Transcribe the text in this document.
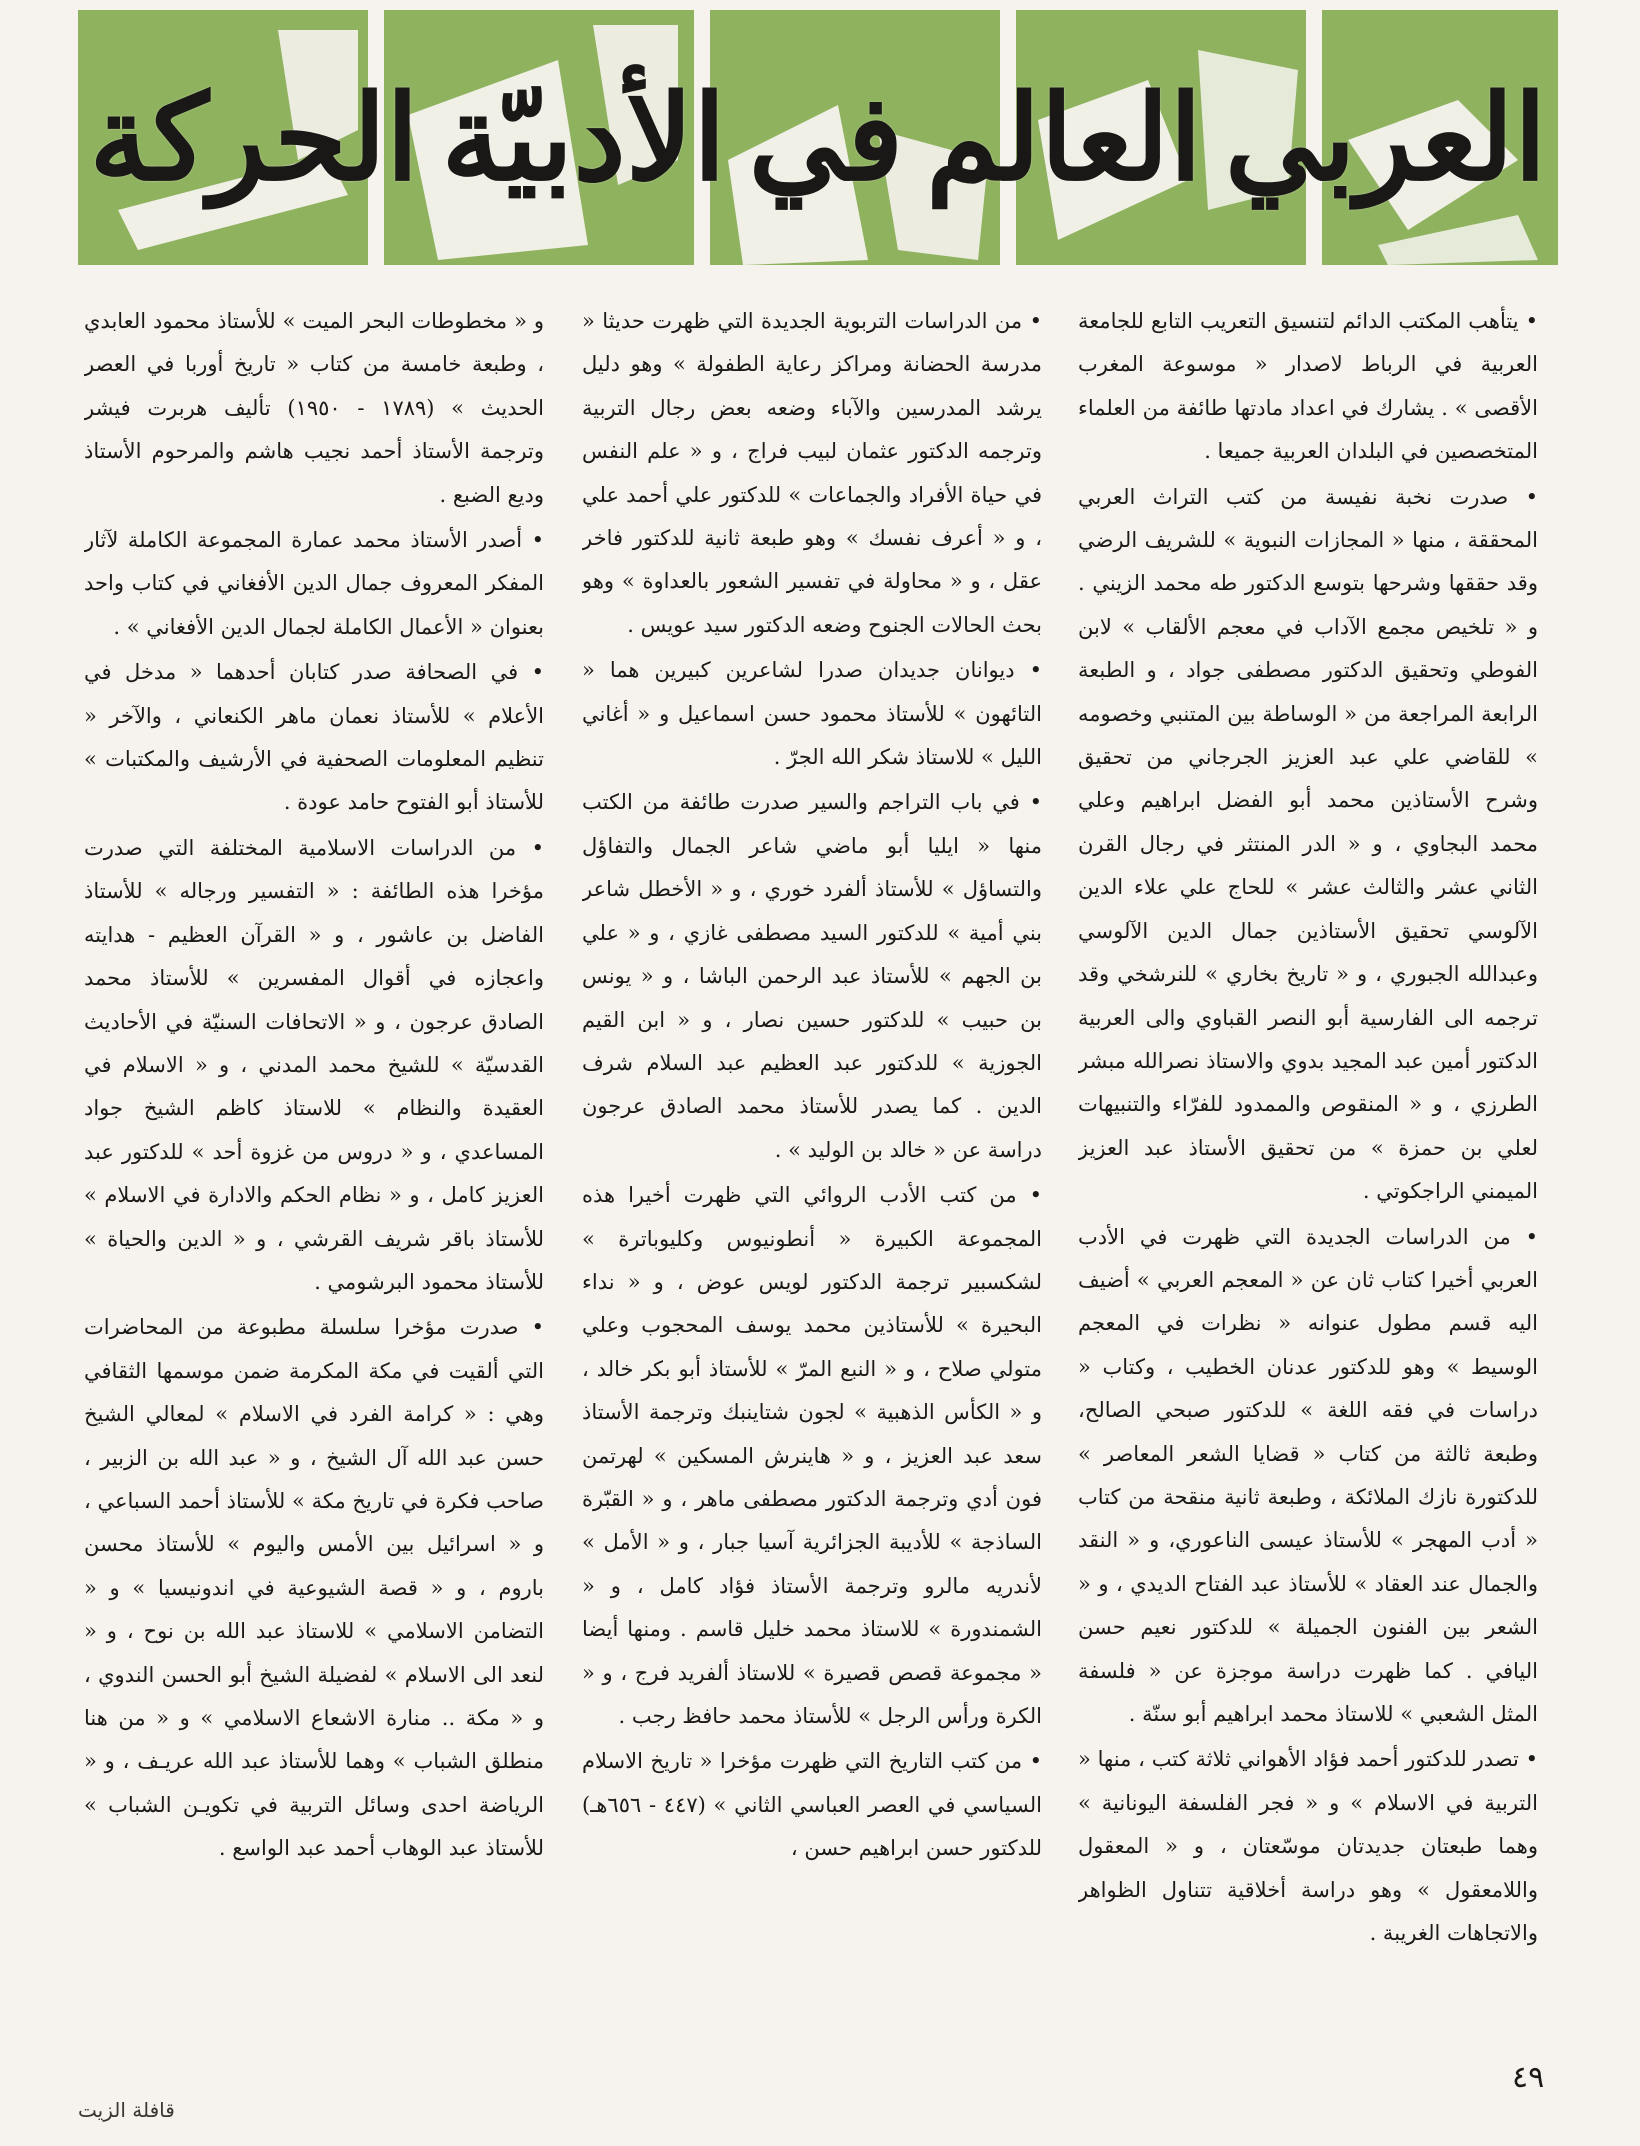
الحركة الأدبيّة في العالم العربي

• يتأهب المكتب الدائم لتنسيق التعريب التابع للجامعة العربية في الرباط لاصدار « موسوعة المغرب الأقصى » . يشارك في اعداد مادتها طائفة من العلماء المتخصصين في البلدان العربية جميعا .

• صدرت نخبة نفيسة من كتب التراث العربي المحققة ، منها « المجازات النبوية » للشريف الرضي وقد حققها وشرحها بتوسع الدكتور طه محمد الزيني . و « تلخيص مجمع الآداب في معجم الألقاب » لابن الفوطي وتحقيق الدكتور مصطفى جواد ، و الطبعة الرابعة المراجعة من « الوساطة بين المتنبي وخصومه » للقاضي علي عبد العزيز الجرجاني من تحقيق وشرح الأستاذين محمد أبو الفضل ابراهيم وعلي محمد البجاوي ، و « الدر المنتثر في رجال القرن الثاني عشر والثالث عشر » للحاج علي علاء الدين الآلوسي تحقيق الأستاذين جمال الدين الآلوسي وعبدالله الجبوري ، و « تاريخ بخاري » للنرشخي وقد ترجمه الى الفارسية أبو النصر القباوي والى العربية الدكتور أمين عبد المجيد بدوي والاستاذ نصرالله مبشر الطرزي ، و « المنقوص والممدود للفرّاء والتنبيهات لعلي بن حمزة » من تحقيق الأستاذ عبد العزيز الميمني الراجكوتي .

• من الدراسات الجديدة التي ظهرت في الأدب العربي أخيرا كتاب ثان عن « المعجم العربي » أضيف اليه قسم مطول عنوانه « نظرات في المعجم الوسيط » وهو للدكتور عدنان الخطيب ، وكتاب « دراسات في فقه اللغة » للدكتور صبحي الصالح، وطبعة ثالثة من كتاب « قضايا الشعر المعاصر » للدكتورة نازك الملائكة ، وطبعة ثانية منقحة من كتاب « أدب المهجر » للأستاذ عيسى الناعوري، و « النقد والجمال عند العقاد » للأستاذ عبد الفتاح الديدي ، و « الشعر بين الفنون الجميلة » للدكتور نعيم حسن اليافي . كما ظهرت دراسة موجزة عن « فلسفة المثل الشعبي » للاستاذ محمد ابراهيم أبو سنّة .

• تصدر للدكتور أحمد فؤاد الأهواني ثلاثة كتب ، منها « التربية في الاسلام » و « فجر الفلسفة اليونانية » وهما طبعتان جديدتان موسّعتان ، و « المعقول واللامعقول » وهو دراسة أخلاقية تتناول الظواهر والاتجاهات الغريبة .

• من الدراسات التربوية الجديدة التي ظهرت حديثا « مدرسة الحضانة ومراكز رعاية الطفولة » وهو دليل يرشد المدرسين والآباء وضعه بعض رجال التربية وترجمه الدكتور عثمان لبيب فراج ، و « علم النفس في حياة الأفراد والجماعات » للدكتور علي أحمد علي ، و « أعرف نفسك » وهو طبعة ثانية للدكتور فاخر عقل ، و « محاولة في تفسير الشعور بالعداوة » وهو بحث الحالات الجنوح وضعه الدكتور سيد عويس .

• ديوانان جديدان صدرا لشاعرين كبيرين هما « التائهون » للأستاذ محمود حسن اسماعيل و « أغاني الليل » للاستاذ شكر الله الجرّ .

• في باب التراجم والسير صدرت طائفة من الكتب منها « ايليا أبو ماضي شاعر الجمال والتفاؤل والتساؤل » للأستاذ ألفرد خوري ، و « الأخطل شاعر بني أمية » للدكتور السيد مصطفى غازي ، و « علي بن الجهم » للأستاذ عبد الرحمن الباشا ، و « يونس بن حبيب » للدكتور حسين نصار ، و « ابن القيم الجوزية » للدكتور عبد العظيم عبد السلام شرف الدين . كما يصدر للأستاذ محمد الصادق عرجون دراسة عن « خالد بن الوليد » .

• من كتب الأدب الروائي التي ظهرت أخيرا هذه المجموعة الكبيرة « أنطونيوس وكليوباترة » لشكسبير ترجمة الدكتور لويس عوض ، و « نداء البحيرة » للأستاذين محمد يوسف المحجوب وعلي متولي صلاح ، و « النبع المرّ » للأستاذ أبو بكر خالد ، و « الكأس الذهبية » لجون شتاينبك وترجمة الأستاذ سعد عبد العزيز ، و « هاينرش المسكين » لهرتمن فون أدي وترجمة الدكتور مصطفى ماهر ، و « القبّرة الساذجة » للأديبة الجزائرية آسيا جبار ، و « الأمل » لأندريه مالرو وترجمة الأستاذ فؤاد كامل ، و « الشمندورة » للاستاذ محمد خليل قاسم . ومنها أيضا « مجموعة قصص قصيرة » للاستاذ ألفريد فرج ، و « الكرة ورأس الرجل » للأستاذ محمد حافظ رجب .

• من كتب التاريخ التي ظهرت مؤخرا « تاريخ الاسلام السياسي في العصر العباسي الثاني » (٤٤٧ - ٦٥٦هـ) للدكتور حسن ابراهيم حسن ،

و « مخطوطات البحر الميت » للأستاذ محمود العابدي ، وطبعة خامسة من كتاب « تاريخ أوربا في العصر الحديث » (١٧٨٩ - ١٩٥٠) تأليف هربرت فيشر وترجمة الأستاذ أحمد نجيب هاشم والمرحوم الأستاذ وديع الضبع .

• أصدر الأستاذ محمد عمارة المجموعة الكاملة لآثار المفكر المعروف جمال الدين الأفغاني في كتاب واحد بعنوان « الأعمال الكاملة لجمال الدين الأفغاني » .

• في الصحافة صدر كتابان أحدهما « مدخل في الأعلام » للأستاذ نعمان ماهر الكنعاني ، والآخر « تنظيم المعلومات الصحفية في الأرشيف والمكتبات » للأستاذ أبو الفتوح حامد عودة .

• من الدراسات الاسلامية المختلفة التي صدرت مؤخرا هذه الطائفة : « التفسير ورجاله » للأستاذ الفاضل بن عاشور ، و « القرآن العظيم - هدايته واعجازه في أقوال المفسرين » للأستاذ محمد الصادق عرجون ، و « الاتحافات السنيّة في الأحاديث القدسيّة » للشيخ محمد المدني ، و « الاسلام في العقيدة والنظام » للاستاذ كاظم الشيخ جواد المساعدي ، و « دروس من غزوة أحد » للدكتور عبد العزيز كامل ، و « نظام الحكم والادارة في الاسلام » للأستاذ باقر شريف القرشي ، و « الدين والحياة » للأستاذ محمود البرشومي .

• صدرت مؤخرا سلسلة مطبوعة من المحاضرات التي ألقيت في مكة المكرمة ضمن موسمها الثقافي وهي : « كرامة الفرد في الاسلام » لمعالي الشيخ حسن عبد الله آل الشيخ ، و « عبد الله بن الزبير ، صاحب فكرة في تاريخ مكة » للأستاذ أحمد السباعي ، و « اسرائيل بين الأمس واليوم » للأستاذ محسن باروم ، و « قصة الشيوعية في اندونيسيا » و « التضامن الاسلامي » للاستاذ عبد الله بن نوح ، و « لنعد الى الاسلام » لفضيلة الشيخ أبو الحسن الندوي ، و « مكة .. منارة الاشعاع الاسلامي » و « من هنا منطلق الشباب » وهما للأستاذ عبد الله عريـف ، و « الرياضة احدى وسائل التربية في تكويـن الشباب » للأستاذ عبد الوهاب أحمد عبد الواسع .

٤٩
قافلة الزيت
